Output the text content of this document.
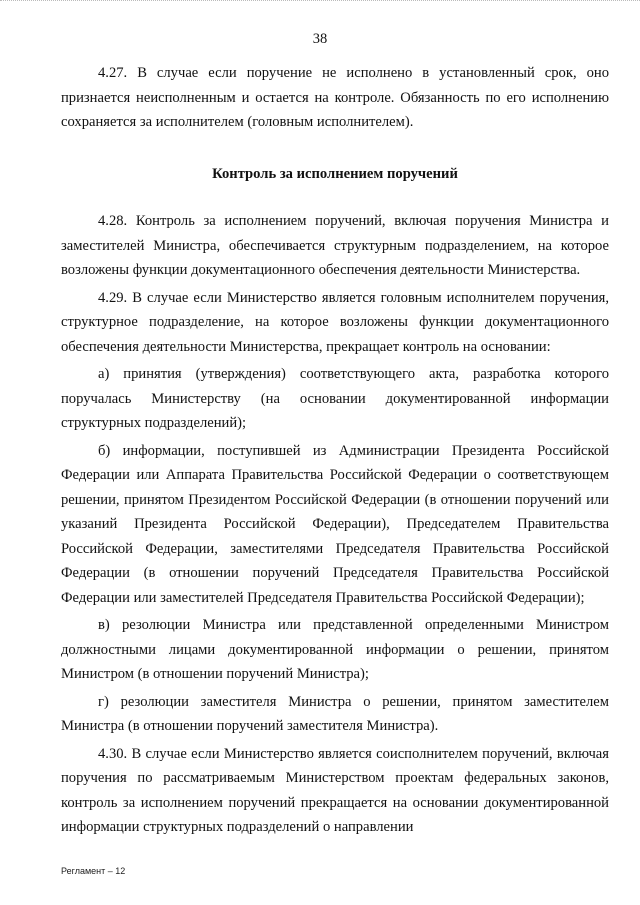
38

4.27. В случае если поручение не исполнено в установленный срок, оно признается неисполненным и остается на контроле. Обязанность по его исполнению сохраняется за исполнителем (головным исполнителем).

Контроль за исполнением поручений

4.28. Контроль за исполнением поручений, включая поручения Министра и заместителей Министра, обеспечивается структурным подразделением, на которое возложены функции документационного обеспечения деятельности Министерства.

4.29. В случае если Министерство является головным исполнителем поручения, структурное подразделение, на которое возложены функции документационного обеспечения деятельности Министерства, прекращает контроль на основании:

а) принятия (утверждения) соответствующего акта, разработка которого поручалась Министерству (на основании документированной информации структурных подразделений);

б) информации, поступившей из Администрации Президента Российской Федерации или Аппарата Правительства Российской Федерации о соответствующем решении, принятом Президентом Российской Федерации (в отношении поручений или указаний Президента Российской Федерации), Председателем Правительства Российской Федерации, заместителями Председателя Правительства Российской Федерации (в отношении поручений Председателя Правительства Российской Федерации или заместителей Председателя Правительства Российской Федерации);

в) резолюции Министра или представленной определенными Министром должностными лицами документированной информации о решении, принятом Министром (в отношении поручений Министра);

г) резолюции заместителя Министра о решении, принятом заместителем Министра (в отношении поручений заместителя Министра).

4.30. В случае если Министерство является соисполнителем поручений, включая поручения по рассматриваемым Министерством проектам федеральных законов, контроль за исполнением поручений прекращается на основании документированной информации структурных подразделений о направлении

Регламент – 12
